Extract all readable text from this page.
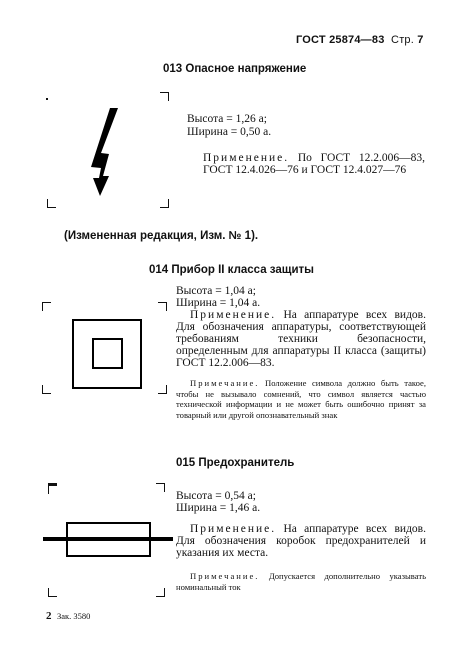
ГОСТ 25874—83 Стр. 7
013 Опасное напряжение
Высота = 1,26 а;
Ширина = 0,50 а.
Применение. По ГОСТ 12.2.006—83, ГОСТ 12.4.026—76 и ГОСТ 12.4.027—76
(Измененная редакция, Изм. № 1).
014 Прибор II класса защиты
Высота = 1,04 а;
Ширина = 1,04 а.
Применение. На аппаратуре всех видов. Для обозначения аппаратуры, соответствующей требованиям техники безопасности, определенным для аппаратуры II класса (защиты) ГОСТ 12.2.006—83.
Примечание. Положение символа должно быть такое, чтобы не вызывало сомнений, что символ является частью технической информации и не может быть ошибочно принят за товарный или другой опознавательный знак
015 Предохранитель
Высота = 0,54 а;
Ширина = 1,46 а.
Применение. На аппаратуре всех видов. Для обозначения коробок предохранителей и указания их места.
Примечание. Допускается дополнительно указывать номинальный ток
2 Зак. 3580
